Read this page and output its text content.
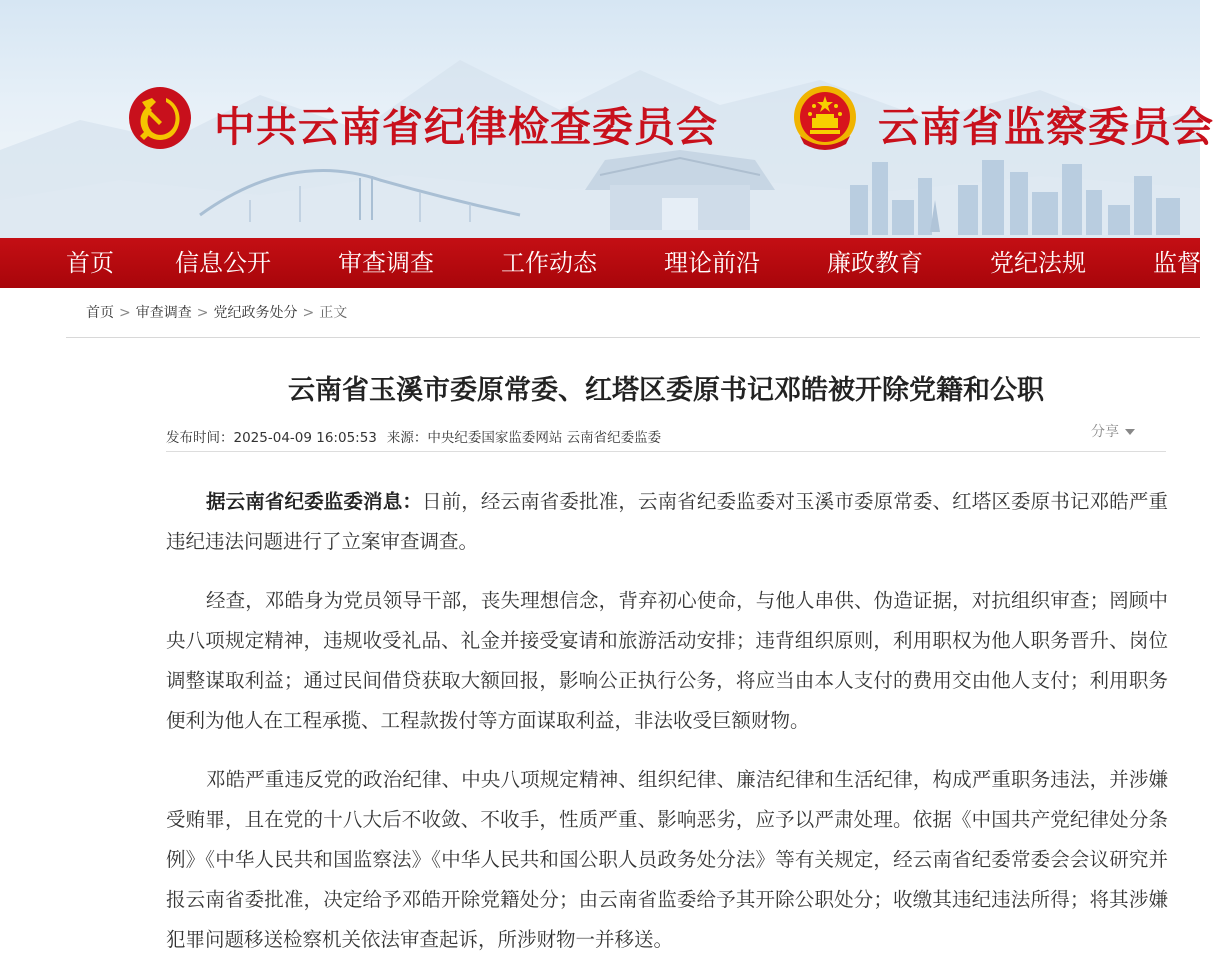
中共云南省纪律检查委员会	云南省监察委员会
首页	信息公开	审查调查	工作动态	理论前沿	廉政教育	党纪法规	监督
首页 > 审查调查 > 党纪政务处分 > 正文
云南省玉溪市委原常委、红塔区委原书记邓皓被开除党籍和公职
发布时间：2025-04-09 16:05:53 来源：中央纪委国家监委网站 云南省纪委监委	分享

据云南省纪委监委消息：日前，经云南省委批准，云南省纪委监委对玉溪市委原常委、红塔区委原书记邓皓严重违纪违法问题进行了立案审查调查。

经查，邓皓身为党员领导干部，丧失理想信念，背弃初心使命，与他人串供、伪造证据，对抗组织审查；罔顾中央八项规定精神，违规收受礼品、礼金并接受宴请和旅游活动安排；违背组织原则，利用职权为他人职务晋升、岗位调整谋取利益；通过民间借贷获取大额回报，影响公正执行公务，将应当由本人支付的费用交由他人支付；利用职务便利为他人在工程承揽、工程款拨付等方面谋取利益，非法收受巨额财物。

邓皓严重违反党的政治纪律、中央八项规定精神、组织纪律、廉洁纪律和生活纪律，构成严重职务违法，并涉嫌受贿罪，且在党的十八大后不收敛、不收手，性质严重、影响恶劣，应予以严肃处理。依据《中国共产党纪律处分条例》《中华人民共和国监察法》《中华人民共和国公职人员政务处分法》等有关规定，经云南省纪委常委会会议研究并报云南省委批准，决定给予邓皓开除党籍处分；由云南省监委给予其开除公职处分；收缴其违纪违法所得；将其涉嫌犯罪问题移送检察机关依法审查起诉，所涉财物一并移送。
